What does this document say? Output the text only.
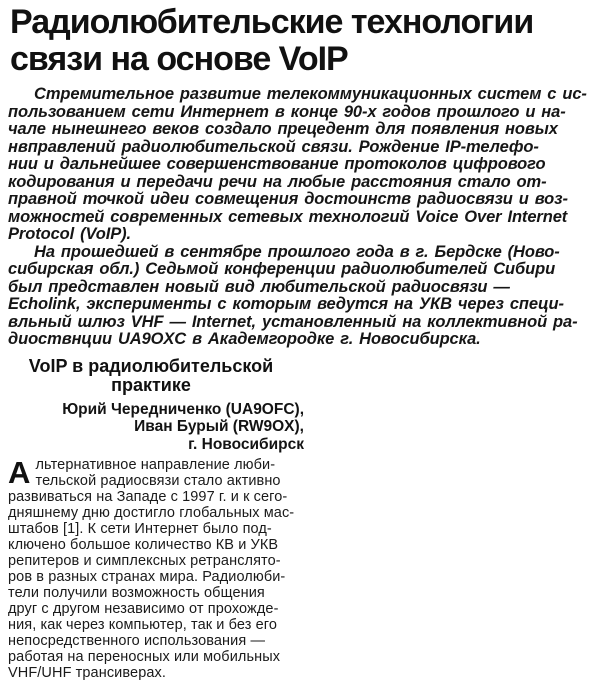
Радиолюбительские технологии
связи на основе VoIP

Стремительное развитие телекоммуникационных систем с ис-
пользованием сети Интернет в конце 90-х годов прошлого и на-
чале нынешнего веков создало прецедент для появления новых
нвправлений радиолюбительской связи. Рождение IP-телефо-
нии и дальнейшее совершенствование протоколов цифрового
кодирования и передачи речи на любые расстояния стало от-
правной точкой идеи совмещения достоинств радиосвязи и воз-
можностей современных сетевых технологий Voice Over Internet
Protocol (VoIP).

На прошедшей в сентябре прошлого года в г. Бердске (Ново-
сибирская обл.) Седьмой конференции радиолюбителей Сибири
был представлен новый вид любительской радиосвязи —
Echolink, эксперименты с которым ведутся на УКВ через специ-
вльный шлюз VHF — Internet, установленный на коллективной ра-
диоствнции UA9OXC в Академгородке г. Новосибирска.

VoIP в радиолюбительской
практике
Юрий Чередниченко (UA9OFC),
Иван Бурый (RW9OX),
г. Новосибирск
Альтернативное направление люби-
тельской радиосвязи стало активно
развиваться на Западе с 1997 г. и к сего-
дняшнему дню достигло глобальных мас-
штабов [1]. К сети Интернет было под-
ключено большое количество КВ и УКВ
репитеров и симплексных ретранслято-
ров в разных странах мира. Радиолюби-
тели получили возможность общения
друг с другом независимо от прохожде-
ния, как через компьютер, так и без его
непосредственного использования —
работая на переносных или мобильных
VHF/UHF трансиверах.
